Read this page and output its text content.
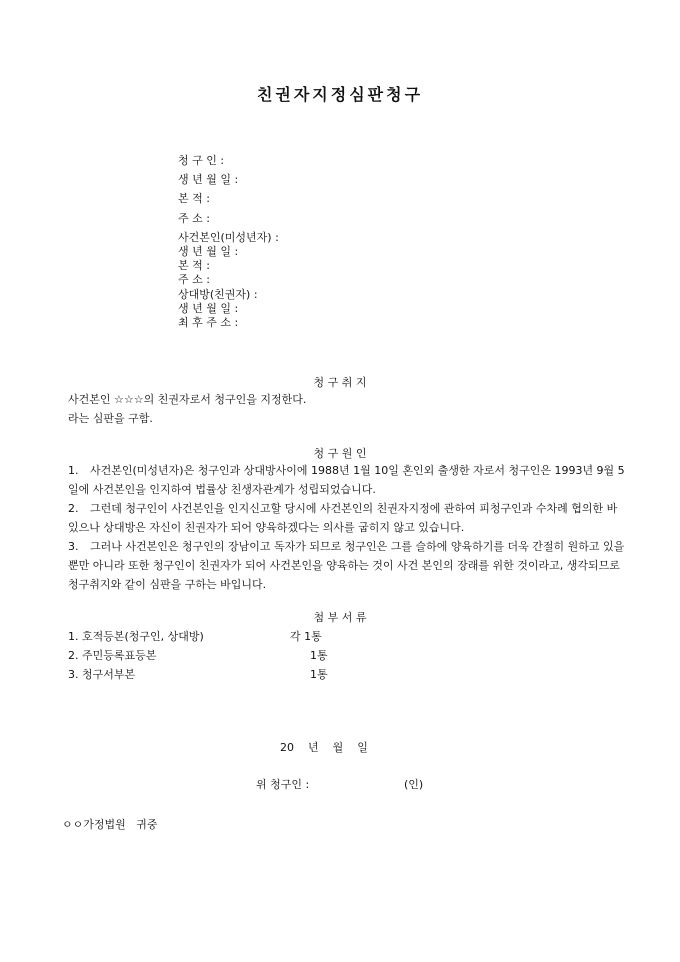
친권자지정심판청구
청 구 인 :
생 년 월 일 :
본 적 :
주 소 :
사건본인(미성년자) :
생 년 월 일 :
본 적 :
주 소 :
상대방(친권자) :
생 년 월 일 :
최 후 주 소 :
청 구 취 지
사건본인 ☆☆☆의 친권자로서 청구인을 지정한다.
라는 심판을 구함.
청 구 원 인
1. 사건본인(미성년자)은 청구인과 상대방사이에 1988년 1월 10일 혼인외 출생한 자로서 청구인은 1993년 9월 5일에 사건본인을 인지하여 법률상 친생자관계가 성립되었습니다.
2. 그런데 청구인이 사건본인을 인지신고할 당시에 사건본인의 친권자지정에 관하여 피청구인과 수차례 협의한 바 있으나 상대방은 자신이 친권자가 되어 양육하겠다는 의사를 굽히지 않고 있습니다.
3. 그러나 사건본인은 청구인의 장남이고 독자가 되므로 청구인은 그를 슬하에 양육하기를 더욱 간절히 원하고 있을 뿐만 아니라 또한 청구인이 친권자가 되어 사건본인을 양육하는 것이 사건 본인의 장래를 위한 것이라고, 생각되므로 청구취지와 같이 심판을 구하는 바입니다.
첨 부 서 류
1. 호적등본(청구인, 상대방)	각 1통
2. 주민등록표등본	1통
3. 청구서부본	1통
20    년    월    일
위 청구인 :	(인)
ㅇㅇ가정법원   귀중
